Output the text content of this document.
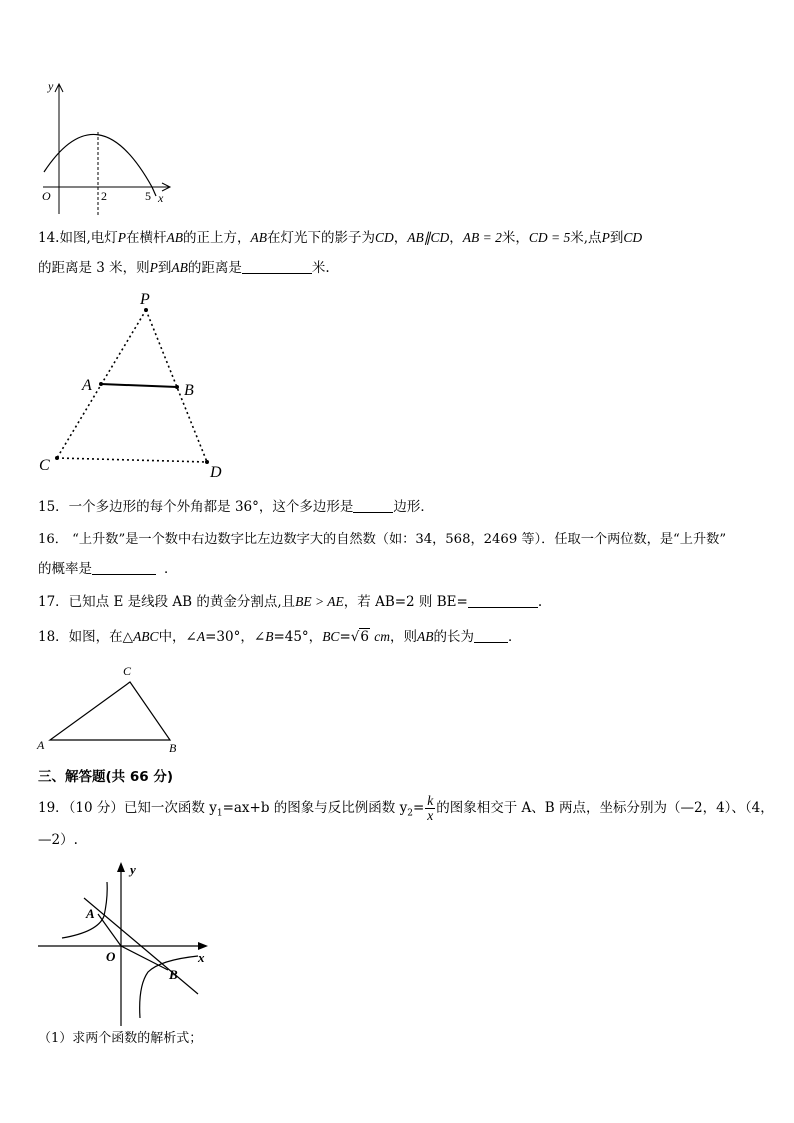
y
O	2	5 x
14.如图,电灯P在横杆AB的正上方，AB在灯光下的影子为CD，AB∥CD，AB = 2米，CD = 5米,点P到CD
的距离是 3 米，则P到AB的距离是	米.
P
A	B
C	D
15．一个多边形的每个外角都是 36°，这个多边形是	边形．
16． “上升数”是一个数中右边数字比左边数字大的自然数（如：34，568，2469 等）．任取一个两位数，是“上升数”
的概率是	．
17．已知点 E 是线段 AB 的黄金分割点,且BE > AE，若 AB=2 则 BE=	.
18．如图，在△ABC中，∠A=30°，∠B=45°，BC=√6 cm，则AB的长为	．
A	B
C
三、解答题(共 66 分)
19．（10 分）已知一次函数 $y_1=ax+b$ 的图象与反比例函数 $y_2= \frac{k}{x}$ 的图象相交于 A、B 两点，坐标分别为（—2，4）、（4，
—2）.
y
x
O
A
B
（1）求两个函数的解析式；
